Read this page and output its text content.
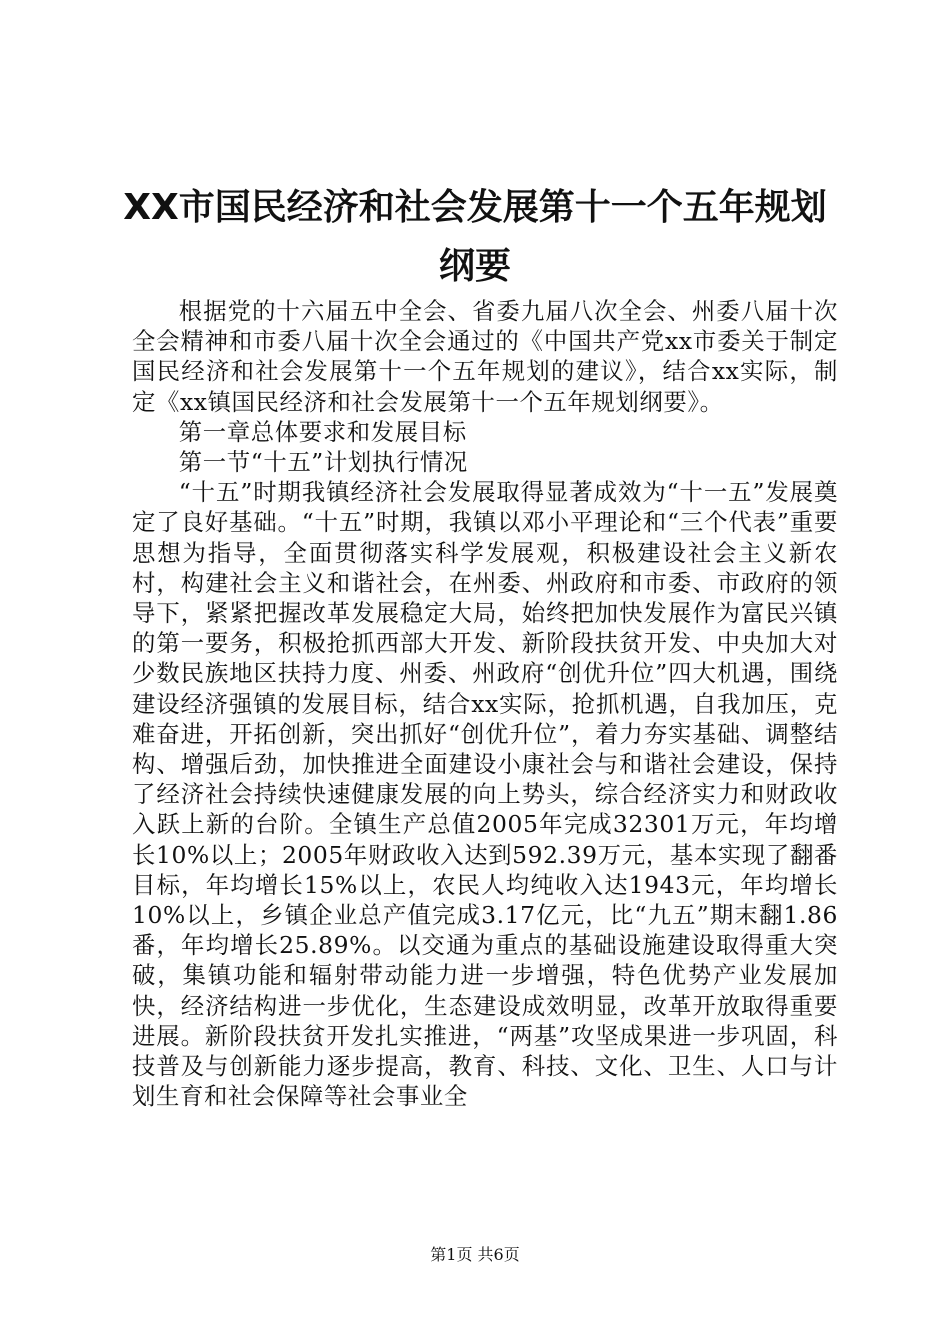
XX市国民经济和社会发展第十一个五年规划
纲要

根据党的十六届五中全会、省委九届八次全会、州委八届十次全会精神和市委八届十次全会通过的《中国共产党xx市委关于制定国民经济和社会发展第十一个五年规划的建议》，结合xx实际，制定《xx镇国民经济和社会发展第十一个五年规划纲要》。

第一章总体要求和发展目标

第一节“十五”计划执行情况

“十五”时期我镇经济社会发展取得显著成效为“十一五”发展奠定了良好基础。“十五”时期，我镇以邓小平理论和“三个代表”重要思想为指导，全面贯彻落实科学发展观，积极建设社会主义新农村，构建社会主义和谐社会，在州委、州政府和市委、市政府的领导下，紧紧把握改革发展稳定大局，始终把加快发展作为富民兴镇的第一要务，积极抢抓西部大开发、新阶段扶贫开发、中央加大对少数民族地区扶持力度、州委、州政府“创优升位”四大机遇，围绕建设经济强镇的发展目标，结合xx实际，抢抓机遇，自我加压，克难奋进，开拓创新，突出抓好“创优升位”，着力夯实基础、调整结构、增强后劲，加快推进全面建设小康社会与和谐社会建设，保持了经济社会持续快速健康发展的向上势头，综合经济实力和财政收入跃上新的台阶。全镇生产总值2005年完成32301万元，年均增长10%以上；2005年财政收入达到592.39万元，基本实现了翻番目标，年均增长15%以上，农民人均纯收入达1943元，年均增长10%以上，乡镇企业总产值完成3.17亿元，比“九五”期末翻1.86番，年均增长25.89%。以交通为重点的基础设施建设取得重大突破，集镇功能和辐射带动能力进一步增强，特色优势产业发展加快，经济结构进一步优化，生态建设成效明显，改革开放取得重要进展。新阶段扶贫开发扎实推进，“两基”攻坚成果进一步巩固，科技普及与创新能力逐步提高，教育、科技、文化、卫生、人口与计划生育和社会保障等社会事业全

第1页 共6页
